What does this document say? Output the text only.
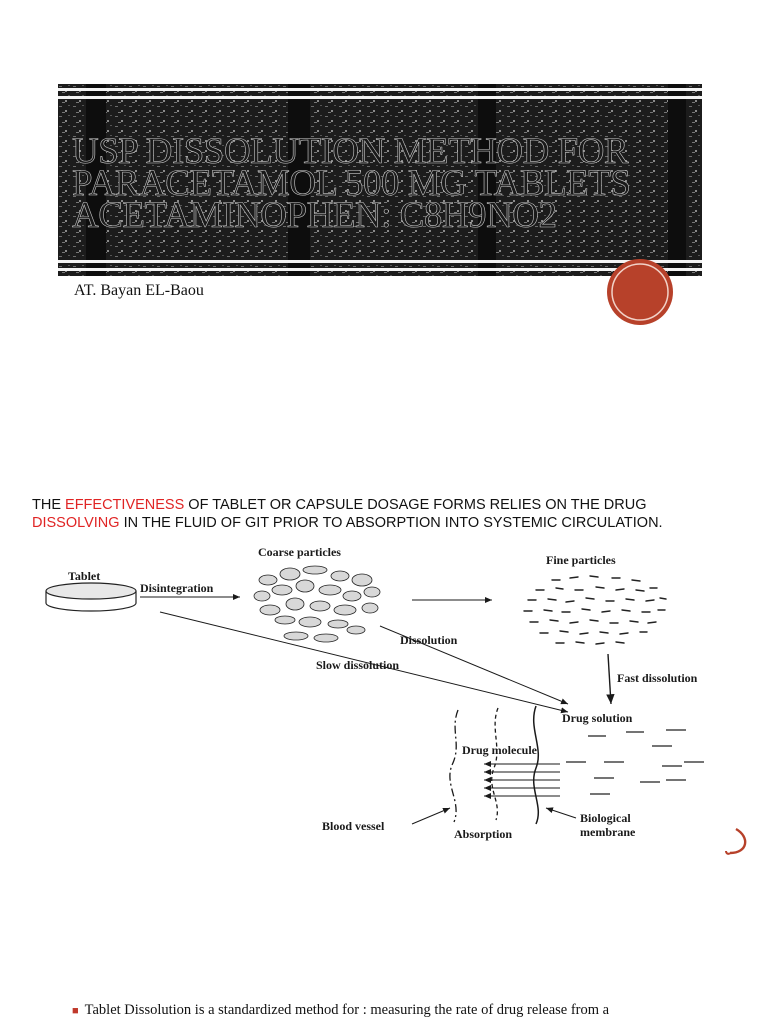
USP DISSOLUTION METHOD FOR PARACETAMOL 500 MG TABLETS ACETAMINOPHEN: C8H9NO2
AT. Bayan EL-Baou
THE EFFECTIVENESS OF TABLET OR CAPSULE DOSAGE FORMS RELIES ON THE DRUG DISSOLVING IN THE FLUID OF GIT PRIOR TO ABSORPTION INTO SYSTEMIC CIRCULATION.
Tablet
Disintegration
Coarse particles
Fine particles
Dissolution
Slow dissolution
Fast dissolution
Drug solution
Drug molecule
Blood vessel
Absorption
Biological
membrane
■ Tablet Dissolution is a standardized method for : measuring the rate of drug release from a
